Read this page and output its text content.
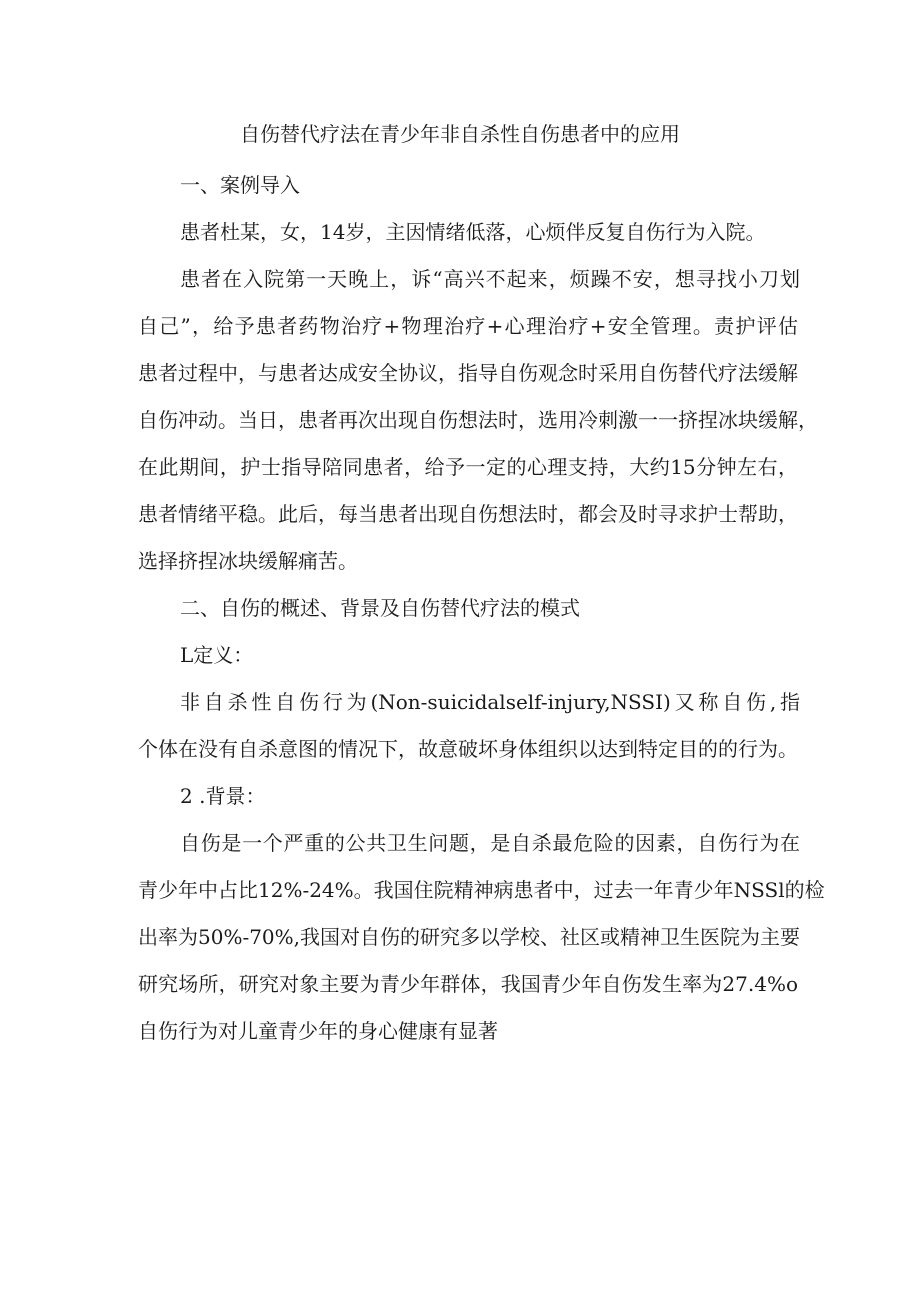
自伤替代疗法在青少年非自杀性自伤患者中的应用
一、案例导入
患者杜某，女，14岁，主因情绪低落，心烦伴反复自伤行为入院。
患者在入院第一天晚上，诉“高兴不起来，烦躁不安，想寻找小刀划
自己”，给予患者药物治疗+物理治疗+心理治疗+安全管理。责护评估
患者过程中，与患者达成安全协议，指导自伤观念时采用自伤替代疗法缓解
自伤冲动。当日，患者再次出现自伤想法时，选用冷刺激一一挤捏冰块缓解，
在此期间，护士指导陪同患者，给予一定的心理支持，大约15分钟左右，
患者情绪平稳。此后，每当患者出现自伤想法时，都会及时寻求护士帮助，
选择挤捏冰块缓解痛苦。
二、自伤的概述、背景及自伤替代疗法的模式
L定义：
非自杀性自伤行为(Non-suicidalself-injury,NSSI)又称自伤,指
个体在没有自杀意图的情况下，故意破坏身体组织以达到特定目的的行为。
2 .背景：
自伤是一个严重的公共卫生问题，是自杀最危险的因素，自伤行为在
青少年中占比12%-24%。我国住院精神病患者中，过去一年青少年NSSl的检
出率为50%-70%,我国对自伤的研究多以学校、社区或精神卫生医院为主要
研究场所，研究对象主要为青少年群体，我国青少年自伤发生率为27.4%o
自伤行为对儿童青少年的身心健康有显著
